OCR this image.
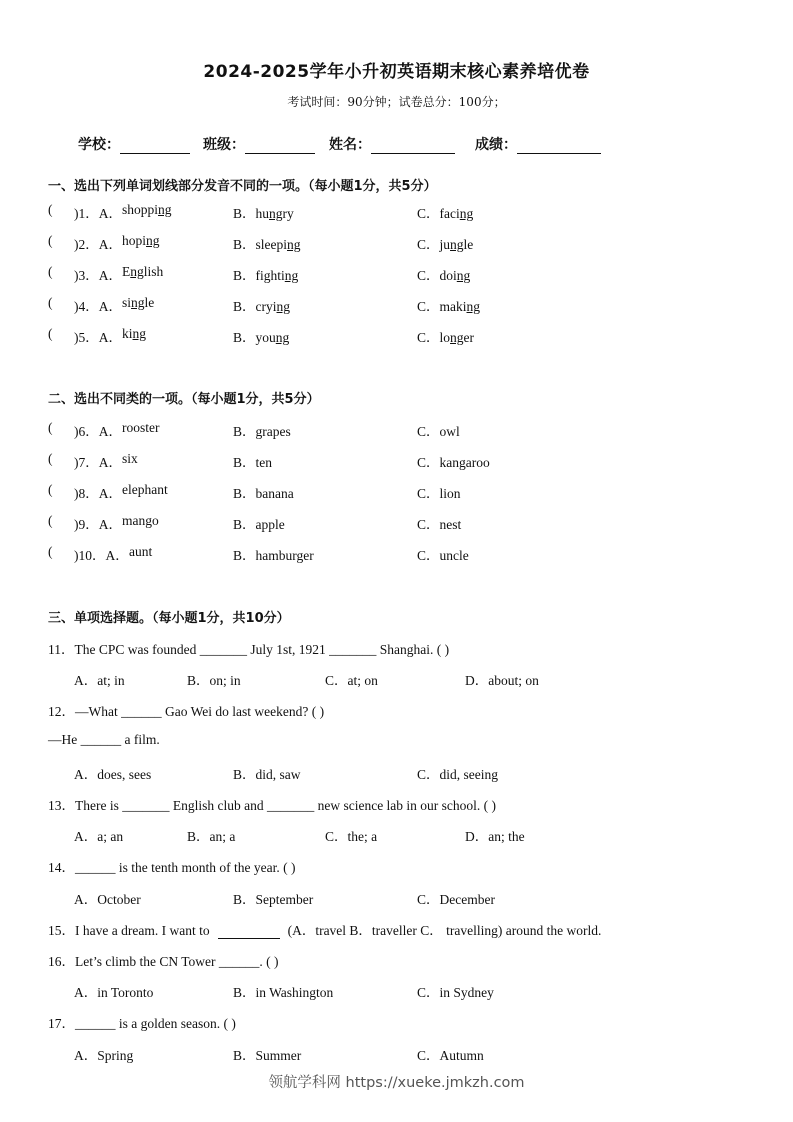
2024-2025学年小升初英语期末核心素养培优卷
考试时间：90分钟；试卷总分：100分；
学校：	班级：	姓名：	成绩：
一、选出下列单词划线部分发音不同的一项。（每小题1分，共5分）
( )1．A． shopping	B．hungry	C．facing
( )2．A． hoping	B．sleeping	C．jungle
( )3．A． English	B．fighting	C．doing
( )4．A． single	B．crying	C．making
( )5．A． king	B．young	C．longer
二、选出不同类的一项。（每小题1分，共5分）
( )6．A． rooster	B．grapes	C．owl
( )7．A． six	B．ten	C．kangaroo
( )8．A． elephant	B．banana	C．lion
( )9．A． mango	B．apple	C．nest
( )10．A． aunt	B．hamburger	C．uncle
三、单项选择题。（每小题1分，共10分）
11．The CPC was founded _______ July 1st, 1921 _______ Shanghai. ( )
A．at; in	B．on; in	C．at; on	D．about; on
12．—What ______ Gao Wei do last weekend? ( )
—He ______ a film.
A．does, sees	B．did, saw	C．did, seeing
13．There is _______ English club and _______ new science lab in our school. ( )
A．a; an	B．an; a	C．the; a	D．an; the
14．______ is the tenth month of the year. ( )
A．October	B．September	C．December
15．I have a dream. I want to	(A．travel B．traveller C． travelling) around the world.
16．Let’s climb the CN Tower ______. ( )
A．in Toronto	B．in Washington	C．in Sydney
17．______ is a golden season. ( )
A．Spring	B．Summer	C．Autumn
领航学科网 https://xueke.jmkzh.com
